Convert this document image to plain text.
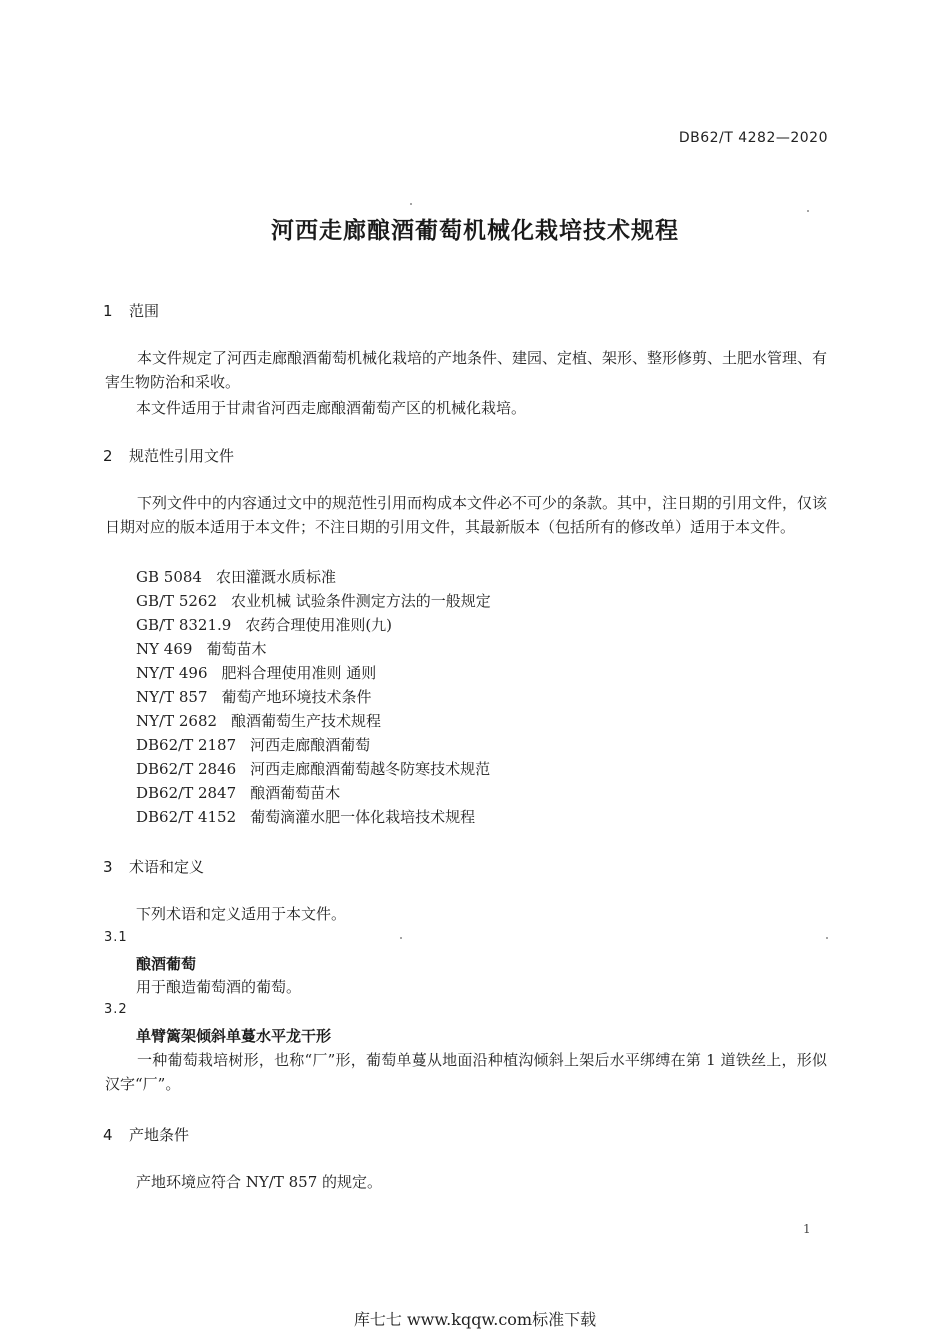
DB62/T 4282—2020
河西走廊酿酒葡萄机械化栽培技术规程
1 范围
本文件规定了河西走廊酿酒葡萄机械化栽培的产地条件、建园、定植、架形、整形修剪、土肥水管理、有害生物防治和采收。
本文件适用于甘肃省河西走廊酿酒葡萄产区的机械化栽培。
2 规范性引用文件
下列文件中的内容通过文中的规范性引用而构成本文件必不可少的条款。其中，注日期的引用文件，仅该日期对应的版本适用于本文件；不注日期的引用文件，其最新版本（包括所有的修改单）适用于本文件。
GB 5084 农田灌溉水质标准
GB/T 5262 农业机械 试验条件测定方法的一般规定
GB/T 8321.9 农药合理使用准则(九)
NY 469 葡萄苗木
NY/T 496 肥料合理使用准则 通则
NY/T 857 葡萄产地环境技术条件
NY/T 2682 酿酒葡萄生产技术规程
DB62/T 2187 河西走廊酿酒葡萄
DB62/T 2846 河西走廊酿酒葡萄越冬防寒技术规范
DB62/T 2847 酿酒葡萄苗木
DB62/T 4152 葡萄滴灌水肥一体化栽培技术规程
3 术语和定义
下列术语和定义适用于本文件。
3.1
酿酒葡萄
用于酿造葡萄酒的葡萄。
3.2
单臂篱架倾斜单蔓水平龙干形
一种葡萄栽培树形，也称“厂”形，葡萄单蔓从地面沿种植沟倾斜上架后水平绑缚在第 1 道铁丝上，形似汉字“厂”。
4 产地条件
产地环境应符合 NY/T 857 的规定。
1
库七七 www.kqqw.com标准下载
